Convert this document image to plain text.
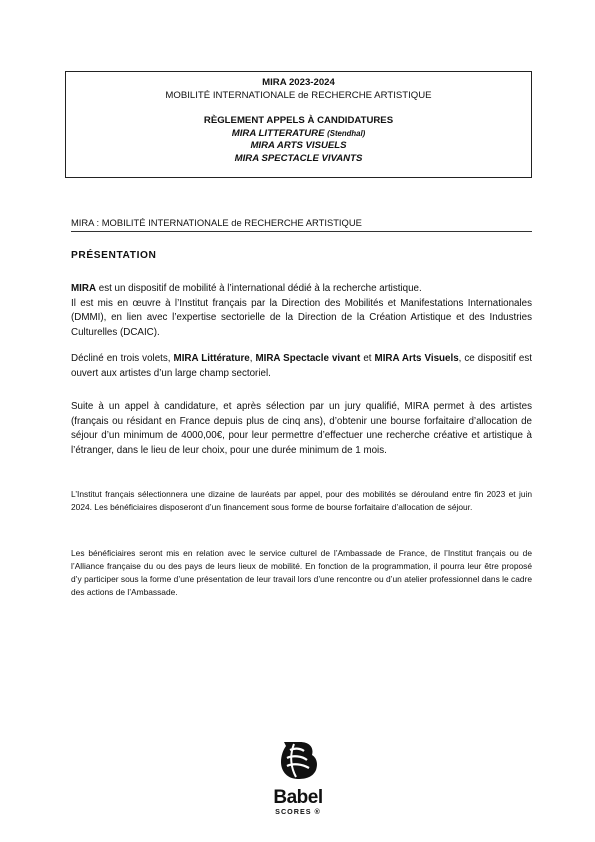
MIRA 2023-2024
MOBILITÉ INTERNATIONALE de RECHERCHE ARTISTIQUE
RÈGLEMENT APPELS À CANDIDATURES
MIRA LITTERATURE (Stendhal)
MIRA ARTS VISUELS
MIRA SPECTACLE VIVANTS
MIRA : MOBILITÉ INTERNATIONALE de RECHERCHE ARTISTIQUE
PRÉSENTATION

MIRA est un dispositif de mobilité à l’international dédié à la recherche artistique.

Il est mis en œuvre à l’Institut français par la Direction des Mobilités et Manifestations Internationales (DMMI), en lien avec l’expertise sectorielle de la Direction de la Création Artistique et des Industries Culturelles (DCAIC).

Décliné en trois volets, MIRA Littérature, MIRA Spectacle vivant et MIRA Arts Visuels, ce dispositif est ouvert aux artistes d’un large champ sectoriel.

Suite à un appel à candidature, et après sélection par un jury qualifié, MIRA permet à des artistes (français ou résidant en France depuis plus de cinq ans), d’obtenir une bourse forfaitaire d’allocation de séjour d’un minimum de 4000,00€, pour leur permettre d’effectuer une recherche créative et artistique à l’étranger, dans le lieu de leur choix, pour une durée minimum de 1 mois.

L’Institut français sélectionnera une dizaine de lauréats par appel, pour des mobilités se dérouland entre fin 2023 et juin 2024. Les bénéficiaires disposeront d’un financement sous forme de bourse forfaitaire d’allocation de séjour.

Les bénéficiaires seront mis en relation avec le service culturel de l’Ambassade de France, de l’Institut français ou de l’Alliance française du ou des pays de leurs lieux de mobilité. En fonction de la programmation, il pourra leur être proposé d’y participer sous la forme d’une présentation de leur travail lors d’une rencontre ou d’un atelier professionnel dans le cadre des actions de l’Ambassade.

Babel
SCORES ®
